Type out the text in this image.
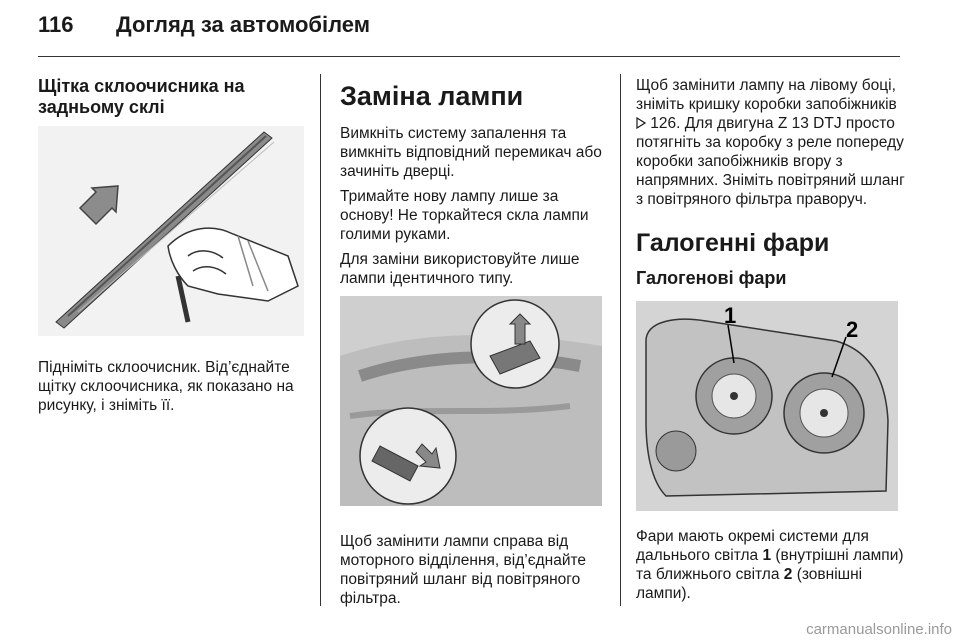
116	Догляд за автомобілем
Щітка склоочисника на задньому склі

Підніміть склоочисник. Від’єднайте щітку склоочисника, як показано на рисунку, і зніміть її.

Заміна лампи

Вимкніть систему запалення та вимкніть відповідний перемикач або зачиніть дверці.

Тримайте нову лампу лише за основу! Не торкайтеся скла лампи голими руками.

Для заміни використовуйте лише лампи ідентичного типу.

Щоб замінити лампи справа від моторного відділення, від’єднайте повітряний шланг від повітряного фільтра.

Щоб замінити лампу на лівому боці, зніміть кришку коробки запобіжників  126. Для двигуна Z 13 DTJ просто потягніть за коробку з реле попереду коробки запобіжників вгору з напрямних. Зніміть повітряний шланг з повітряного фільтра праворуч.

Галогенні фари
Галогенові фари
1
2

Фари мають окремі системи для дальнього світла 1 (внутрішні лампи) та ближнього світла 2 (зовнішні лампи).

carmanualsonline.info
